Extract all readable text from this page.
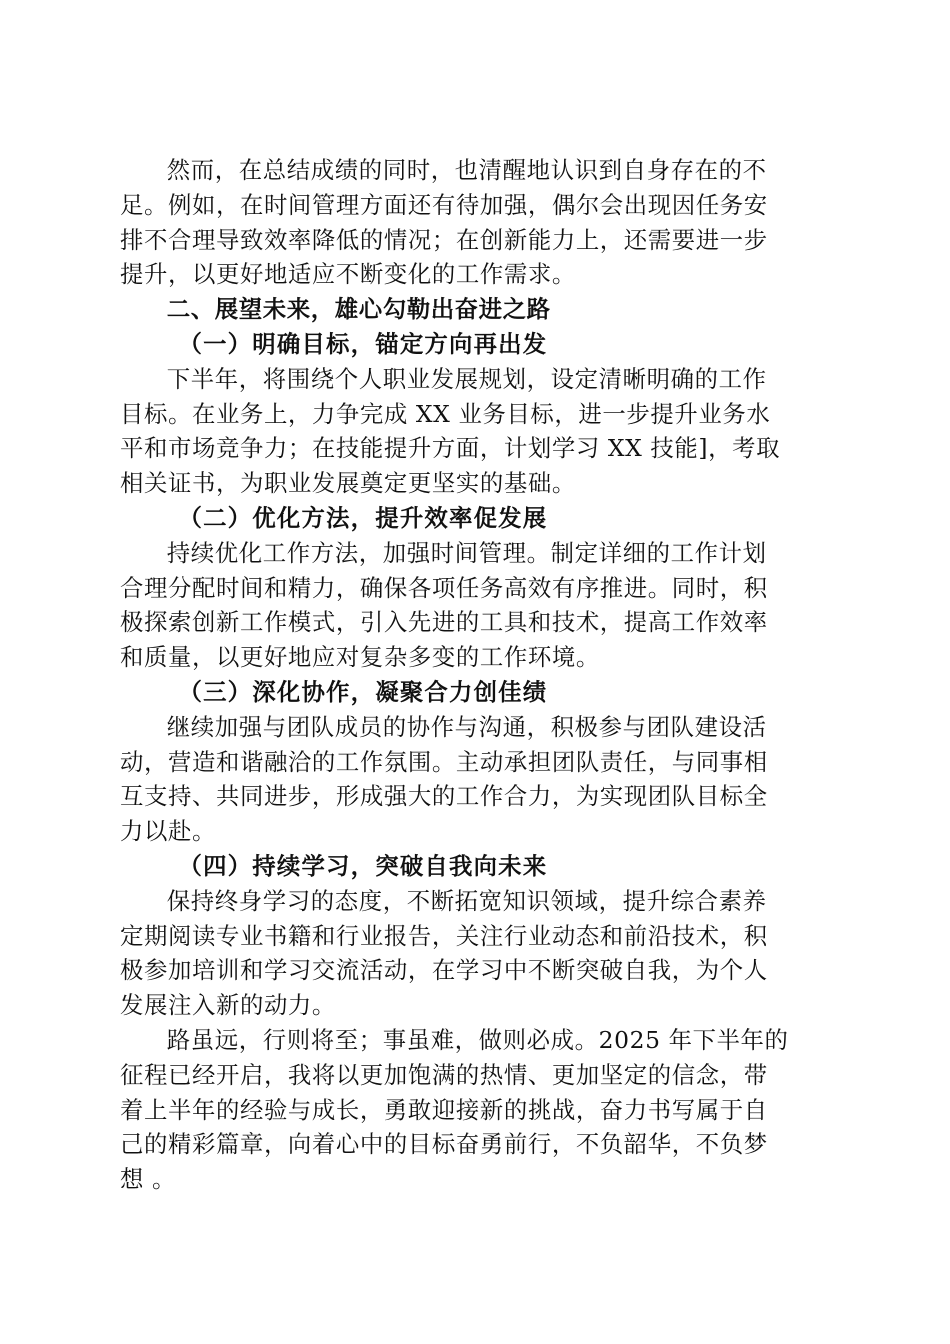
然而，在总结成绩的同时，也清醒地认识到自身存在的不
足。例如，在时间管理方面还有待加强，偶尔会出现因任务安
排不合理导致效率降低的情况；在创新能力上，还需要进一步
提升，以更好地适应不断变化的工作需求。

二、展望未来，雄心勾勒出奋进之路

（一）明确目标，锚定方向再出发

下半年，将围绕个人职业发展规划，设定清晰明确的工作
目标。在业务上，力争完成 XX 业务目标，进一步提升业务水
平和市场竞争力；在技能提升方面，计划学习 XX 技能]，考取
相关证书，为职业发展奠定更坚实的基础。

（二）优化方法，提升效率促发展

持续优化工作方法，加强时间管理。制定详细的工作计划
合理分配时间和精力，确保各项任务高效有序推进。同时，积
极探索创新工作模式，引入先进的工具和技术，提高工作效率
和质量，以更好地应对复杂多变的工作环境。

（三）深化协作，凝聚合力创佳绩

继续加强与团队成员的协作与沟通，积极参与团队建设活
动，营造和谐融洽的工作氛围。主动承担团队责任，与同事相
互支持、共同进步，形成强大的工作合力，为实现团队目标全
力以赴。

（四）持续学习，突破自我向未来

保持终身学习的态度，不断拓宽知识领域，提升综合素养
定期阅读专业书籍和行业报告，关注行业动态和前沿技术，积
极参加培训和学习交流活动，在学习中不断突破自我，为个人
发展注入新的动力。

路虽远，行则将至；事虽难，做则必成。2025 年下半年的
征程已经开启，我将以更加饱满的热情、更加坚定的信念，带
着上半年的经验与成长，勇敢迎接新的挑战，奋力书写属于自
己的精彩篇章，向着心中的目标奋勇前行，不负韶华，不负梦
想 。
